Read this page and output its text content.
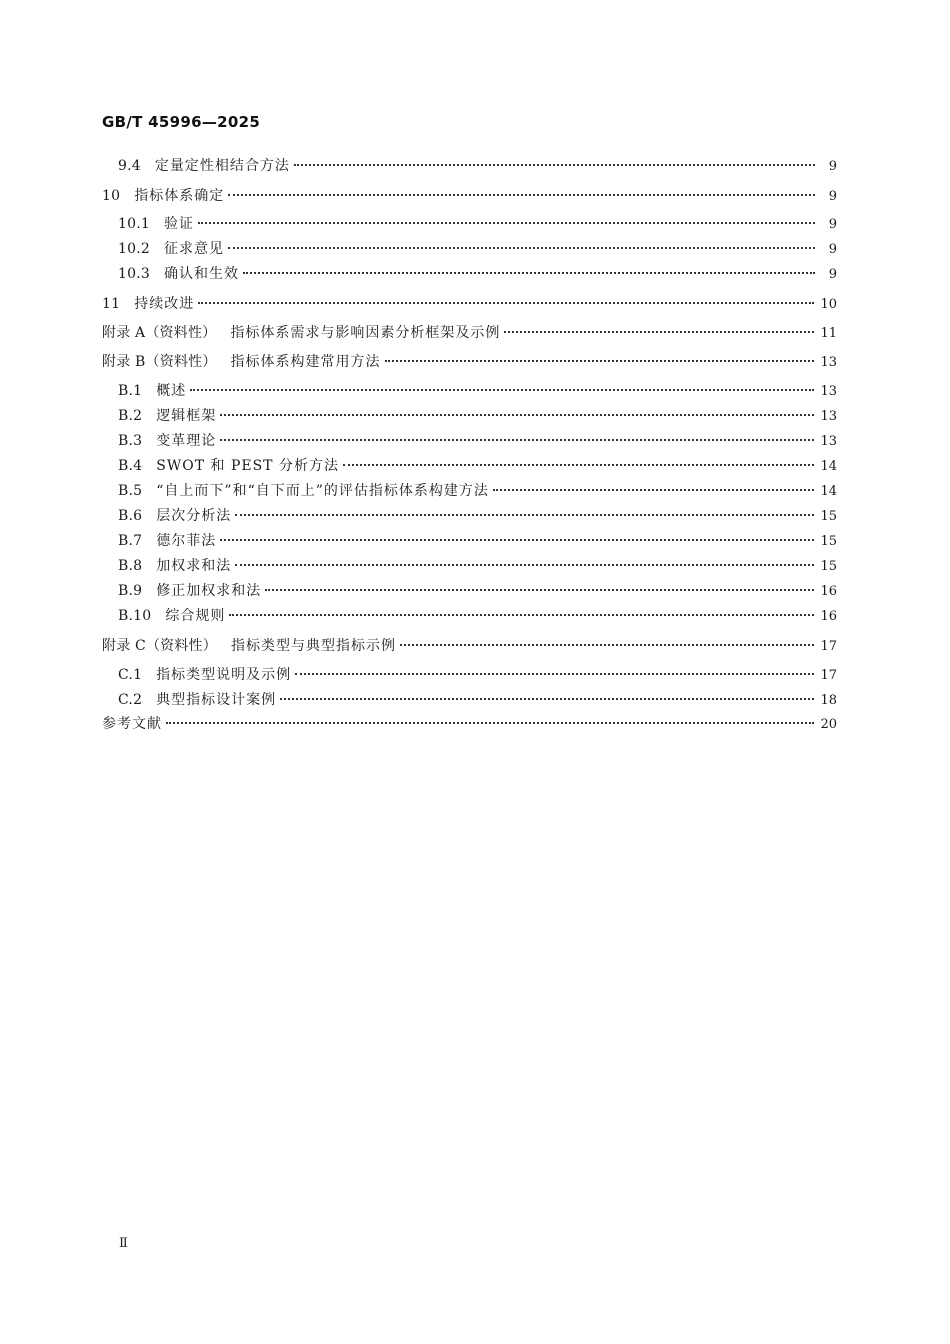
GB/T 45996—2025
9.4 定量定性相结合方法	9
10 指标体系确定	9
10.1 验证	9
10.2 征求意见	9
10.3 确认和生效	9
11 持续改进	10
附录 A（资料性） 指标体系需求与影响因素分析框架及示例	11
附录 B（资料性） 指标体系构建常用方法	13
B.1 概述	13
B.2 逻辑框架	13
B.3 变革理论	13
B.4 SWOT 和 PEST 分析方法	14
B.5 “自上而下”和“自下而上”的评估指标体系构建方法	14
B.6 层次分析法	15
B.7 德尔菲法	15
B.8 加权求和法	15
B.9 修正加权求和法	16
B.10 综合规则	16
附录 C（资料性） 指标类型与典型指标示例	17
C.1 指标类型说明及示例	17
C.2 典型指标设计案例	18
参考文献	20
Ⅱ
